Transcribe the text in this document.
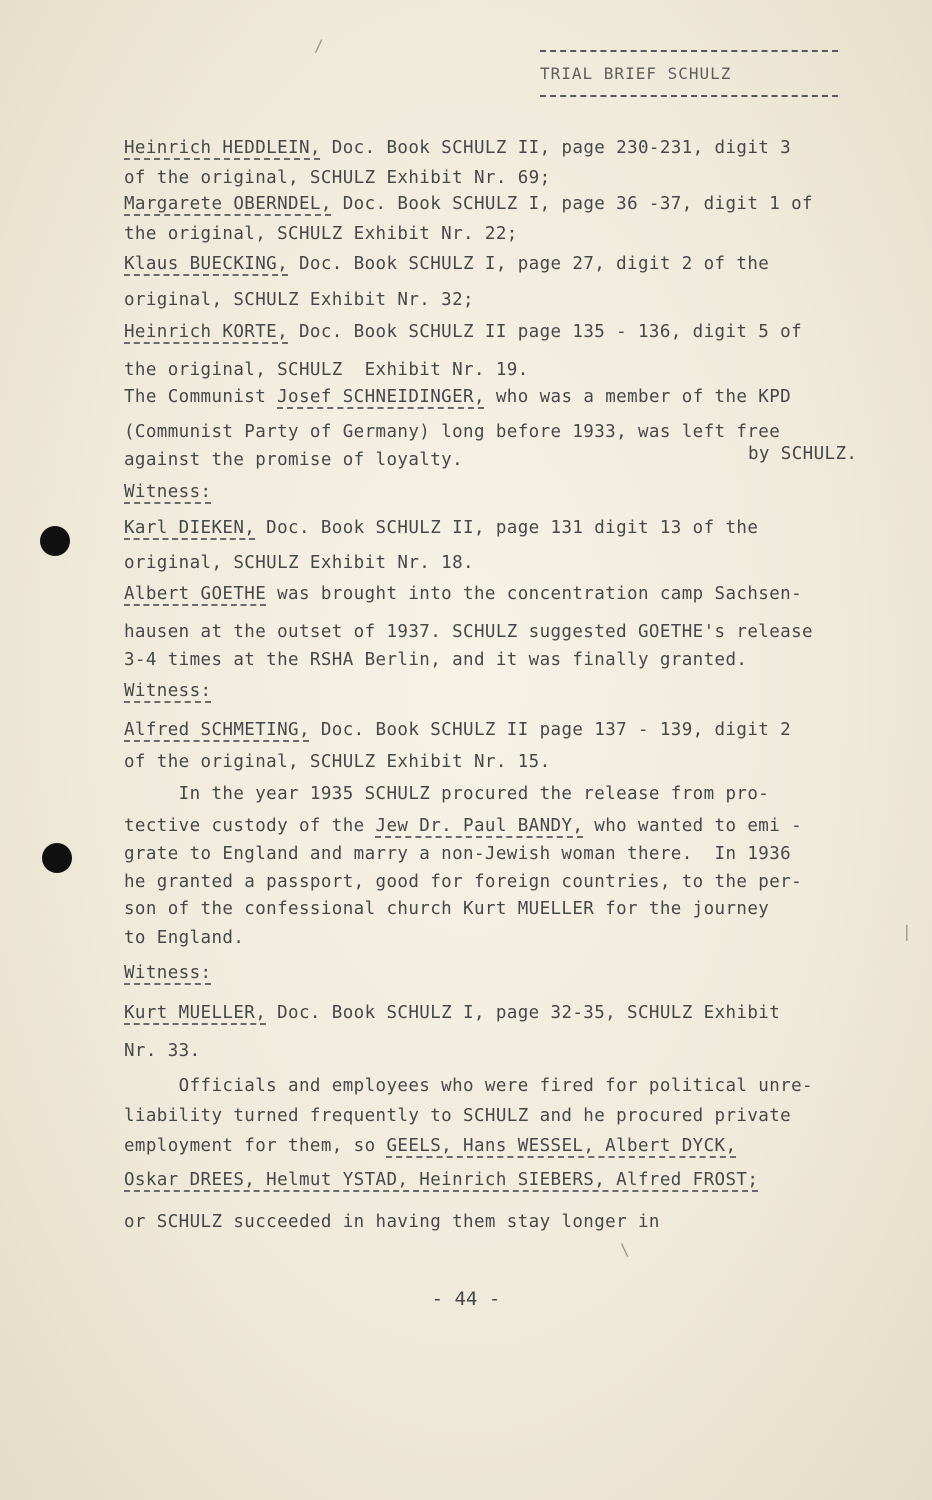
TRIAL BRIEF SCHULZ
Heinrich HEDDLEIN, Doc. Book SCHULZ II, page 230-231, digit 3
of the original, SCHULZ Exhibit Nr. 69;
Margarete OBERNDEL, Doc. Book SCHULZ I, page 36 -37, digit 1 of
the original, SCHULZ Exhibit Nr. 22;
Klaus BUECKING, Doc. Book SCHULZ I, page 27, digit 2 of the
original, SCHULZ Exhibit Nr. 32;
Heinrich KORTE, Doc. Book SCHULZ II page 135 - 136, digit 5 of
the original, SCHULZ  Exhibit Nr. 19.
The Communist Josef SCHNEIDINGER, who was a member of the KPD
(Communist Party of Germany) long before 1933, was left free
against the promise of loyalty.
Witness:
Karl DIEKEN, Doc. Book SCHULZ II, page 131 digit 13 of the
original, SCHULZ Exhibit Nr. 18.
Albert GOETHE was brought into the concentration camp Sachsen-
hausen at the outset of 1937. SCHULZ suggested GOETHE's release
3-4 times at the RSHA Berlin, and it was finally granted.
Witness:
Alfred SCHMETING, Doc. Book SCHULZ II page 137 - 139, digit 2
of the original, SCHULZ Exhibit Nr. 15.
In the year 1935 SCHULZ procured the release from pro-
tective custody of the Jew Dr. Paul BANDY, who wanted to emi -
grate to England and marry a non-Jewish woman there.  In 1936
he granted a passport, good for foreign countries, to the per-
son of the confessional church Kurt MUELLER for the journey
to England.
Witness:
Kurt MUELLER, Doc. Book SCHULZ I, page 32-35, SCHULZ Exhibit
Nr. 33.
Officials and employees who were fired for political unre-
liability turned frequently to SCHULZ and he procured private
employment for them, so GEELS, Hans WESSEL, Albert DYCK,
Oskar DREES, Helmut YSTAD, Heinrich SIEBERS, Alfred FROST;
or SCHULZ succeeded in having them stay longer in
by SCHULZ.
- 44 -
/
|
\
